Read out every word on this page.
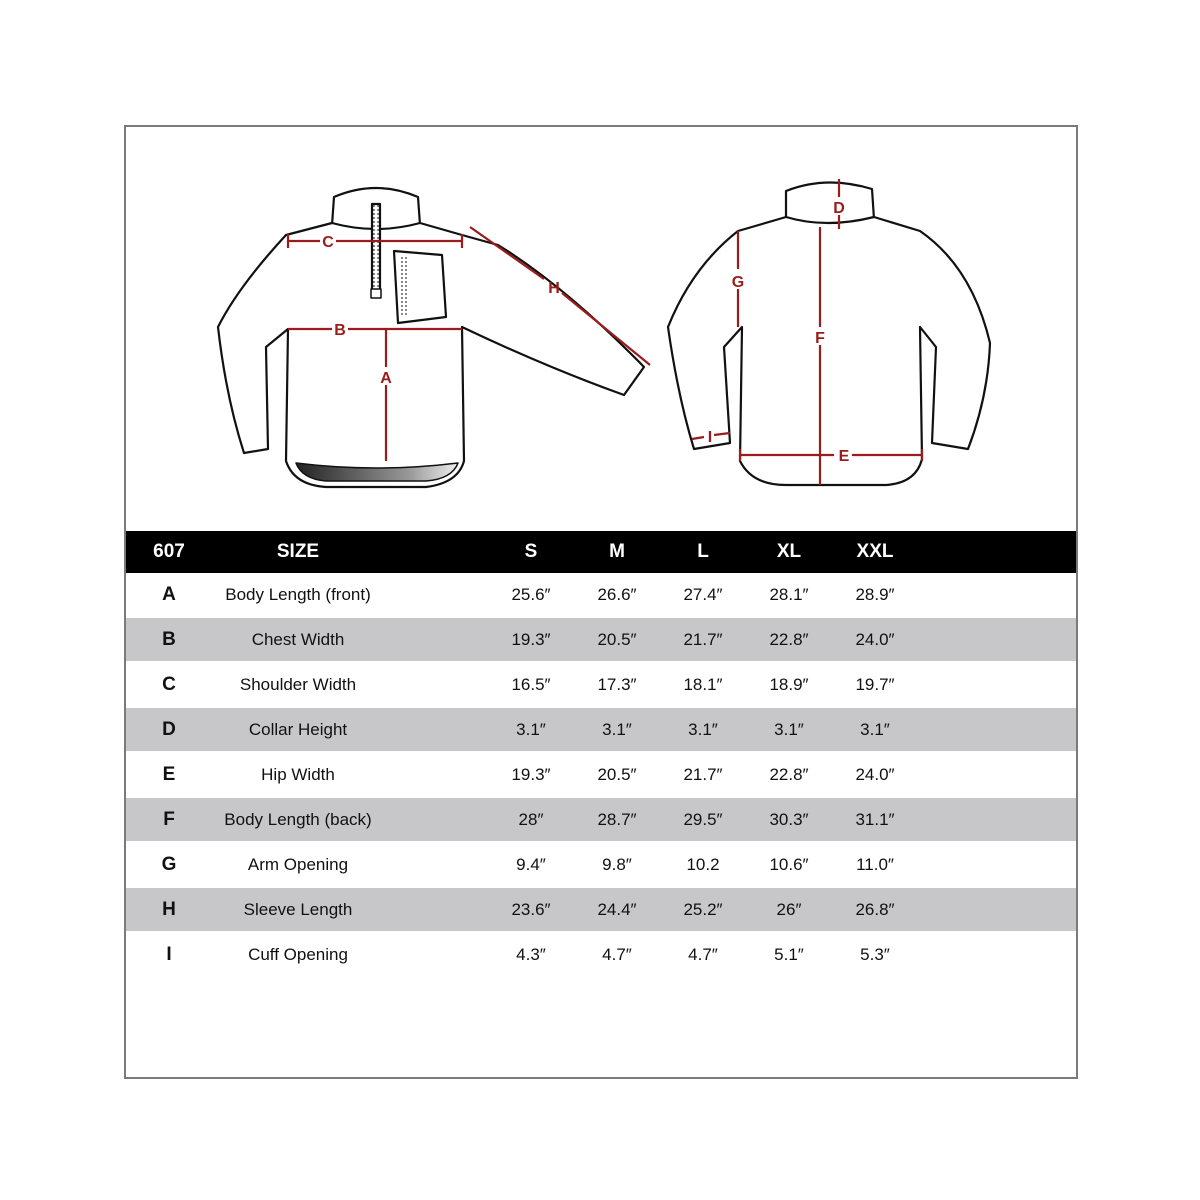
C
B
A
H
D
F
G
E
I
607	SIZE		S	M	L	XL	XXL	
A	Body Length (front)		25.6″	26.6″	27.4″	28.1″	28.9″	
B	Chest Width		19.3″	20.5″	21.7″	22.8″	24.0″	
C	Shoulder Width		16.5″	17.3″	18.1″	18.9″	19.7″	
D	Collar Height		3.1″	3.1″	3.1″	3.1″	3.1″	
E	Hip Width		19.3″	20.5″	21.7″	22.8″	24.0″	
F	Body Length (back)		28″	28.7″	29.5″	30.3″	31.1″	
G	Arm Opening		9.4″	9.8″	10.2	10.6″	11.0″	
H	Sleeve Length		23.6″	24.4″	25.2″	26″	26.8″	
I	Cuff Opening		4.3″	4.7″	4.7″	5.1″	5.3″	
